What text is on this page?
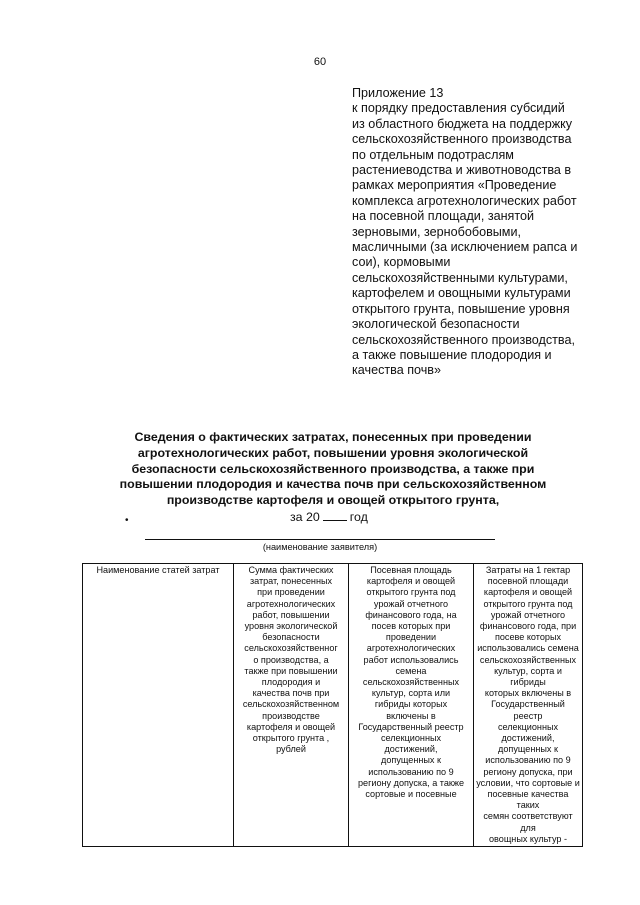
60
Приложение 13
к порядку предоставления субсидий
из областного бюджета на поддержку
сельскохозяйственного производства
по отдельным подотраслям
растениеводства и животноводства в
рамках мероприятия «Проведение
комплекса агротехнологических работ
на посевной площади, занятой
зерновыми, зернобобовыми,
масличными (за исключением рапса и
сои), кормовыми
сельскохозяйственными культурами,
картофелем и овощными культурами
открытого грунта, повышение уровня
экологической безопасности
сельскохозяйственного производства,
а также повышение плодородия и
качества почв»
Сведения о фактических затратах, понесенных при проведении
агротехнологических работ, повышении уровня экологической
безопасности сельскохозяйственного производства, а также при
повышении плодородия и качества почв при сельскохозяйственном
производстве картофеля и овощей открытого грунта,
•	за 20 год
(наименование заявителя)
Наименование статей затрат	Сумма фактических
затрат, понесенных
при проведении
агротехнологических
работ, повышении
уровня экологической
безопасности
сельскохозяйственног
о производства, а
также при повышении
плодородия и
качества почв при
сельскохозяйственном
производстве
картофеля и овощей
открытого грунта ,
рублей	Посевная площадь
картофеля и овощей
открытого грунта под
урожай отчетного
финансового года, на
посев которых при
проведении
агротехнологических
работ использовались
семена
сельскохозяйственных
культур, сорта или
гибриды которых
включены в
Государственный реестр
селекционных
достижений,
допущенных к
использованию по 9
региону допуска, а также
сортовые и посевные	Затраты на 1 гектар
посевной площади
картофеля и овощей
открытого грунта под
урожай отчетного
финансового года, при
посеве которых
использовались семена
сельскохозяйственных
культур, сорта и гибриды
которых включены в
Государственный реестр
селекционных
достижений,
допущенных к
использованию по 9
региону допуска, при
условии, что сортовые и
посевные качества таких
семян соответствуют для
овощных культур -
